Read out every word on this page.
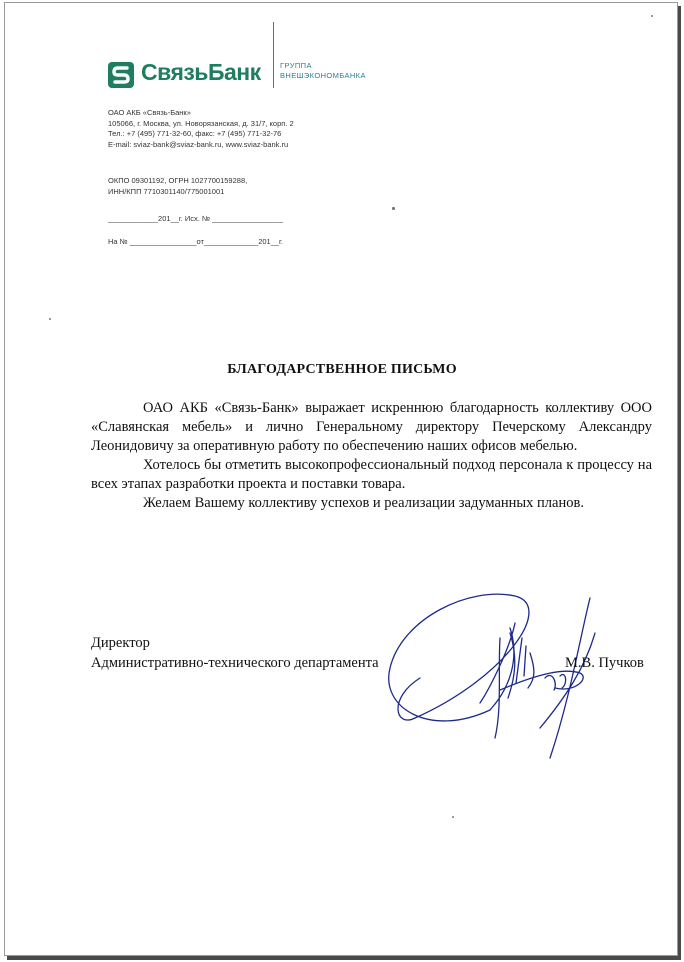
СвязьБанк	ГРУППА
ВНЕШЭКОНОМБАНКА
ОАО АКБ «Связь-Банк»
105066, г. Москва, ул. Новорязанская, д. 31/7, корп. 2
Тел.: +7 (495) 771-32-60, факс: +7 (495) 771-32-76
E-mail: sviaz-bank@sviaz-bank.ru, www.sviaz-bank.ru
ОКПО 09301192, ОГРН 1027700159288,
ИНН/КПП 7710301140/775001001
____________201__г. Исх. № _________________
На № ________________от_____________201__г.
БЛАГОДАРСТВЕННОЕ ПИСЬМО

ОАО АКБ «Связь-Банк» выражает искреннюю благодарность коллективу ООО «Славянская мебель» и лично Генеральному директору Печерскому Александру Леонидовичу за оперативную работу по обеспечению наших офисов мебелью.

Хотелось бы отметить высокопрофессиональный подход персонала к процессу на всех этапах разработки проекта и поставки товара.

Желаем Вашему коллективу успехов и реализации задуманных планов.

Директор
Административно-технического департамента	М.В. Пучков
